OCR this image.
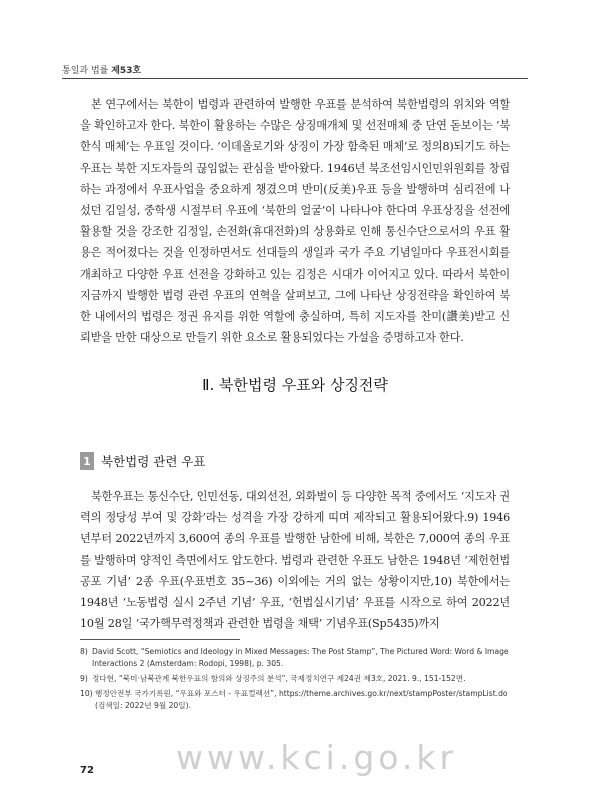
통일과 법률 제53호

본 연구에서는 북한이 법령과 관련하여 발행한 우표를 분석하여 북한법령의 위치와 역할을 확인하고자 한다. 북한이 활용하는 수많은 상징매개체 및 선전매체 중 단연 돋보이는 ‘북한식 매체’는 우표일 것이다. ‘이데올로기와 상징이 가장 함축된 매체’로 정의8)되기도 하는 우표는 북한 지도자들의 끊임없는 관심을 받아왔다. 1946년 북조선임시인민위원회를 창립하는 과정에서 우표사업을 중요하게 챙겼으며 반미(反美)우표 등을 발행하며 심리전에 나섰던 김일성, 중학생 시절부터 우표에 ‘북한의 얼굴’이 나타나야 한다며 우표상징을 선전에 활용할 것을 강조한 김정일, 손전화(휴대전화)의 상용화로 인해 통신수단으로서의 우표 활용은 적어졌다는 것을 인정하면서도 선대들의 생일과 국가 주요 기념일마다 우표전시회를 개최하고 다양한 우표 선전을 강화하고 있는 김정은 시대가 이어지고 있다. 따라서 북한이 지금까지 발행한 법령 관련 우표의 연혁을 살펴보고, 그에 나타난 상징전략을 확인하여 북한 내에서의 법령은 정권 유지를 위한 역할에 충실하며, 특히 지도자를 찬미(讚美)받고 신뢰받을 만한 대상으로 만들기 위한 요소로 활용되었다는 가설을 증명하고자 한다.

Ⅱ. 북한법령 우표와 상징전략
1 북한법령 관련 우표

북한우표는 통신수단, 인민선동, 대외선전, 외화벌이 등 다양한 목적 중에서도 ‘지도자 권력의 정당성 부여 및 강화’라는 성격을 가장 강하게 띠며 제작되고 활용되어왔다.9) 1946년부터 2022년까지 3,600여 종의 우표를 발행한 남한에 비해, 북한은 7,000여 종의 우표를 발행하며 양적인 측면에서도 압도한다. 법령과 관련한 우표도 남한은 1948년 ‘제헌헌법 공포 기념’ 2종 우표(우표번호 35~36) 이외에는 거의 없는 상황이지만,10) 북한에서는 1948년 ‘노동법령 실시 2주년 기념’ 우표, ‘헌법실시기념’ 우표를 시작으로 하여 2022년 10월 28일 ‘국가핵무력정책과 관련한 법령을 채택’ 기념우표(Sp5435)까지

8) David Scott, “Semiotics and Ideology in Mixed Messages: The Post Stamp”, The Pictured Word: Word & Image Interactions 2 (Amsterdam: Rodopi, 1998), p. 305.
9) 정다현, “북미·남북관계 북한우표의 함의와 상징주의 분석”, 국제정치연구 제24권 제3호, 2021. 9., 151-152면.
10) 행정안전부 국가기록원, “우표와 포스터 - 우표컬렉션”, https://theme.archives.go.kr/next/stampPoster/stampList.do (검색일: 2022년 9월 20일).
www.kci.go.kr
72
